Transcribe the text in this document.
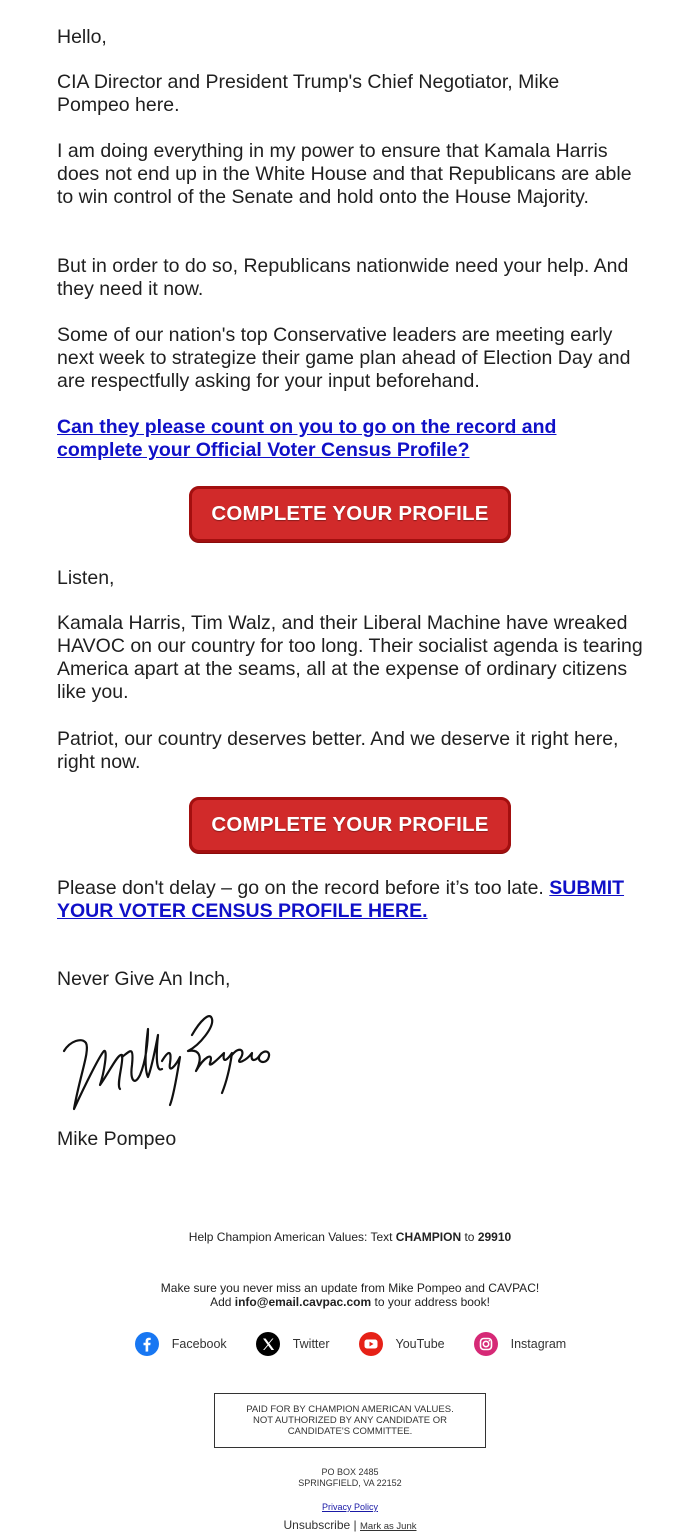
Hello,

CIA Director and President Trump's Chief Negotiator, Mike Pompeo here.

I am doing everything in my power to ensure that Kamala Harris does not end up in the White House and that Republicans are able to win control of the Senate and hold onto the House Majority.

But in order to do so, Republicans nationwide need your help. And they need it now.

Some of our nation's top Conservative leaders are meeting early next week to strategize their game plan ahead of Election Day and are respectfully asking for your input beforehand.

Can they please count on you to go on the record and complete your Official Voter Census Profile?

COMPLETE YOUR PROFILE

Listen,

Kamala Harris, Tim Walz, and their Liberal Machine have wreaked HAVOC on our country for too long. Their socialist agenda is tearing America apart at the seams, all at the expense of ordinary citizens like you.

Patriot, our country deserves better. And we deserve it right here, right now.

COMPLETE YOUR PROFILE

Please don't delay – go on the record before it’s too late. SUBMIT YOUR VOTER CENSUS PROFILE HERE.

Never Give An Inch,

Mike Pompeo

Help Champion American Values: Text CHAMPION to 29910

Make sure you never miss an update from Mike Pompeo and CAVPAC!

Add info@email.cavpac.com to your address book!

Facebook	Twitter	YouTube	Instagram
PAID FOR BY CHAMPION AMERICAN VALUES. NOT AUTHORIZED BY ANY CANDIDATE OR CANDIDATE'S COMMITTEE.

PO BOX 2485

SPRINGFIELD, VA 22152

Privacy Policy

Unsubscribe | Mark as Junk
